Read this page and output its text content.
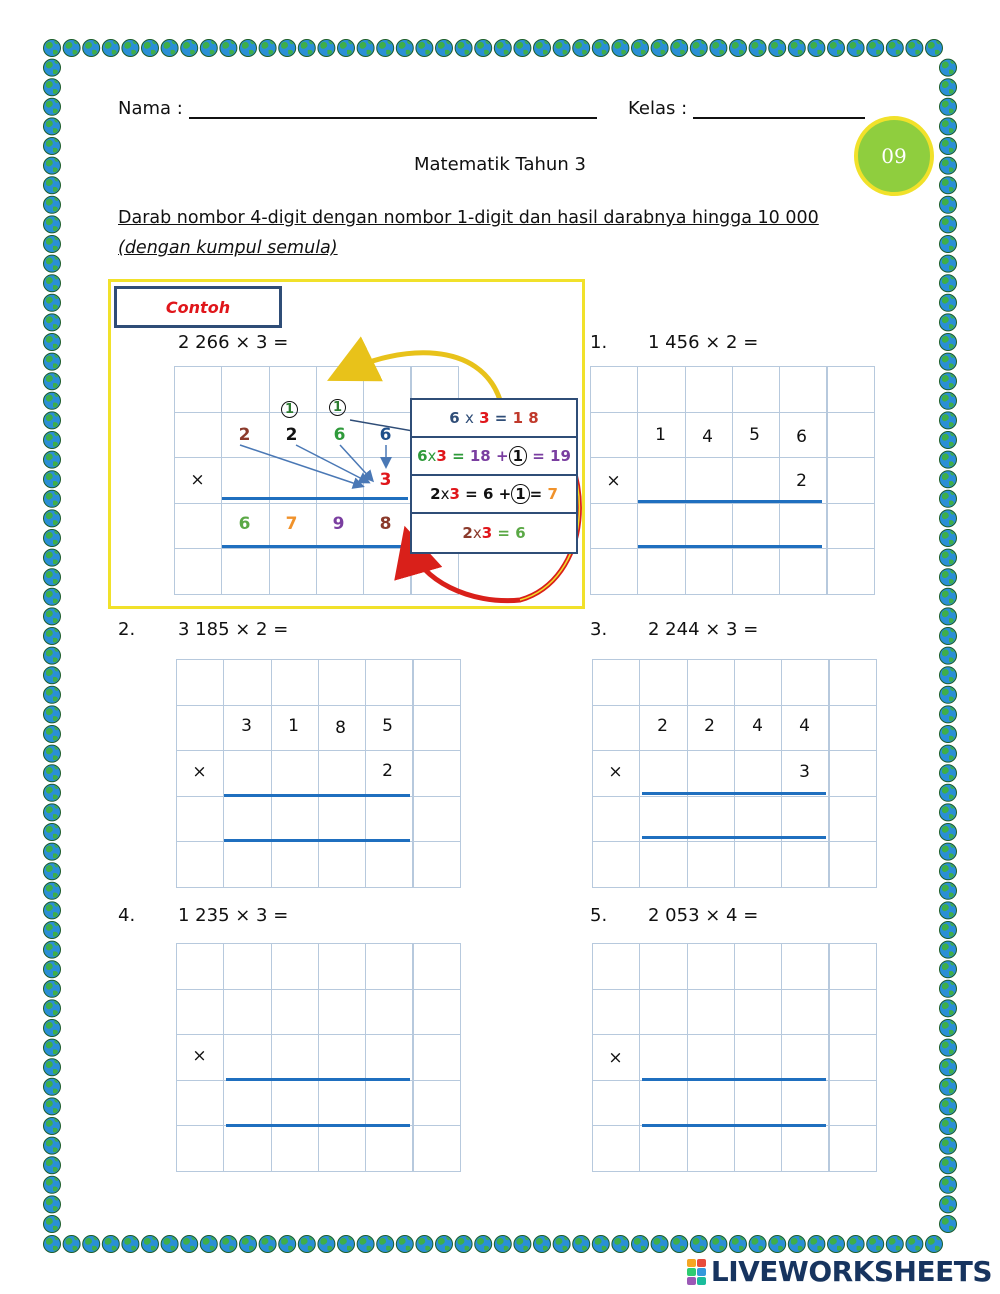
Nama :	Kelas :
09
Matematik Tahun 3
Darab nombor 4-digit dengan nombor 1-digit dan hasil darabnya hingga 10 000
(dengan kumpul semula)
Contoh
2 266 × 3 =
1	1
2	2	6	6
×	3
6	7	9	8
6
x
3
=
1 8
6 x 3
=
18
+ 1
=
19
2 x 3
=
6
+ 1 =
7
2 x 3
=
6
1. 1 456 × 2 =
1	4	5	6
×	2
2. 3 185 × 2 =
3	1	8	5
×	2
3. 2 244 × 3 =
2	2	4	4
×	3
4. 1 235 × 3 =
×
5. 2 053 × 4 =
×
LIVEWORKSHEETS
